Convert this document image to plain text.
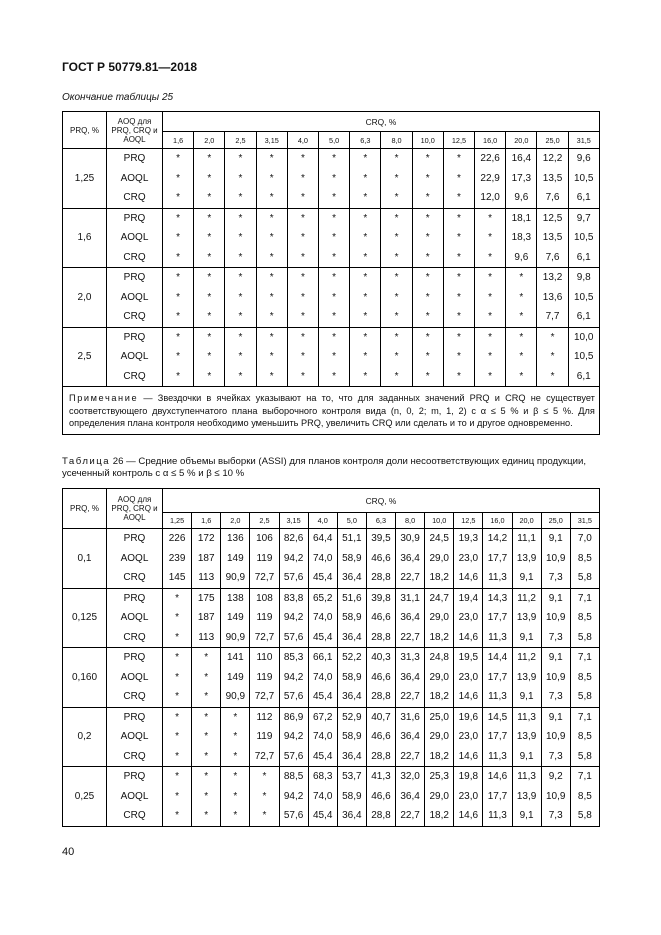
ГОСТ Р 50779.81—2018
Окончание таблицы 25
PRQ, %	AOQ для PRQ, CRQ и AOQL	CRQ, %													
		1,6	2,0	2,5	3,15	4,0	5,0	6,3	8,0	10,0	12,5	16,0	20,0	25,0	31,5
1,25	PRQ	*	*	*	*	*	*	*	*	*	*	22,6	16,4	12,2	9,6
	AOQL	*	*	*	*	*	*	*	*	*	*	22,9	17,3	13,5	10,5
	CRQ	*	*	*	*	*	*	*	*	*	*	12,0	9,6	7,6	6,1
1,6	PRQ	*	*	*	*	*	*	*	*	*	*	*	18,1	12,5	9,7
	AOQL	*	*	*	*	*	*	*	*	*	*	*	18,3	13,5	10,5
	CRQ	*	*	*	*	*	*	*	*	*	*	*	9,6	7,6	6,1
2,0	PRQ	*	*	*	*	*	*	*	*	*	*	*	*	13,2	9,8
	AOQL	*	*	*	*	*	*	*	*	*	*	*	*	13,6	10,5
	CRQ	*	*	*	*	*	*	*	*	*	*	*	*	7,7	6,1
2,5	PRQ	*	*	*	*	*	*	*	*	*	*	*	*	*	10,0
	AOQL	*	*	*	*	*	*	*	*	*	*	*	*	*	10,5
	CRQ	*	*	*	*	*	*	*	*	*	*	*	*	*	6,1
Примечание — Звездочки в ячейках указывают на то, что для заданных значений PRQ и CRQ не существует соответствующего двухступенчатого плана выборочного контроля вида (n, 0, 2; m, 1, 2) с α ≤ 5 % и β ≤ 5 %. Для определения плана контроля необходимо уменьшить PRQ, увеличить CRQ или сделать и то и другое одновременно.															
Таблица 26 — Средние объемы выборки (ASSI) для планов контроля доли несоответствующих единиц продукции, усеченный контроль с α ≤ 5 % и β ≤ 10 %
PRQ, %	AOQ для PRQ, CRQ и AOQL	CRQ, %														
		1,25	1,6	2,0	2,5	3,15	4,0	5,0	6,3	8,0	10,0	12,5	16,0	20,0	25,0	31,5
0,1	PRQ	226	172	136	106	82,6	64,4	51,1	39,5	30,9	24,5	19,3	14,2	11,1	9,1	7,0
	AOQL	239	187	149	119	94,2	74,0	58,9	46,6	36,4	29,0	23,0	17,7	13,9	10,9	8,5
	CRQ	145	113	90,9	72,7	57,6	45,4	36,4	28,8	22,7	18,2	14,6	11,3	9,1	7,3	5,8
0,125	PRQ	*	175	138	108	83,8	65,2	51,6	39,8	31,1	24,7	19,4	14,3	11,2	9,1	7,1
	AOQL	*	187	149	119	94,2	74,0	58,9	46,6	36,4	29,0	23,0	17,7	13,9	10,9	8,5
	CRQ	*	113	90,9	72,7	57,6	45,4	36,4	28,8	22,7	18,2	14,6	11,3	9,1	7,3	5,8
0,160	PRQ	*	*	141	110	85,3	66,1	52,2	40,3	31,3	24,8	19,5	14,4	11,2	9,1	7,1
	AOQL	*	*	149	119	94,2	74,0	58,9	46,6	36,4	29,0	23,0	17,7	13,9	10,9	8,5
	CRQ	*	*	90,9	72,7	57,6	45,4	36,4	28,8	22,7	18,2	14,6	11,3	9,1	7,3	5,8
0,2	PRQ	*	*	*	112	86,9	67,2	52,9	40,7	31,6	25,0	19,6	14,5	11,3	9,1	7,1
	AOQL	*	*	*	119	94,2	74,0	58,9	46,6	36,4	29,0	23,0	17,7	13,9	10,9	8,5
	CRQ	*	*	*	72,7	57,6	45,4	36,4	28,8	22,7	18,2	14,6	11,3	9,1	7,3	5,8
0,25	PRQ	*	*	*	*	88,5	68,3	53,7	41,3	32,0	25,3	19,8	14,6	11,3	9,2	7,1
	AOQL	*	*	*	*	94,2	74,0	58,9	46,6	36,4	29,0	23,0	17,7	13,9	10,9	8,5
	CRQ	*	*	*	*	57,6	45,4	36,4	28,8	22,7	18,2	14,6	11,3	9,1	7,3	5,8
40
